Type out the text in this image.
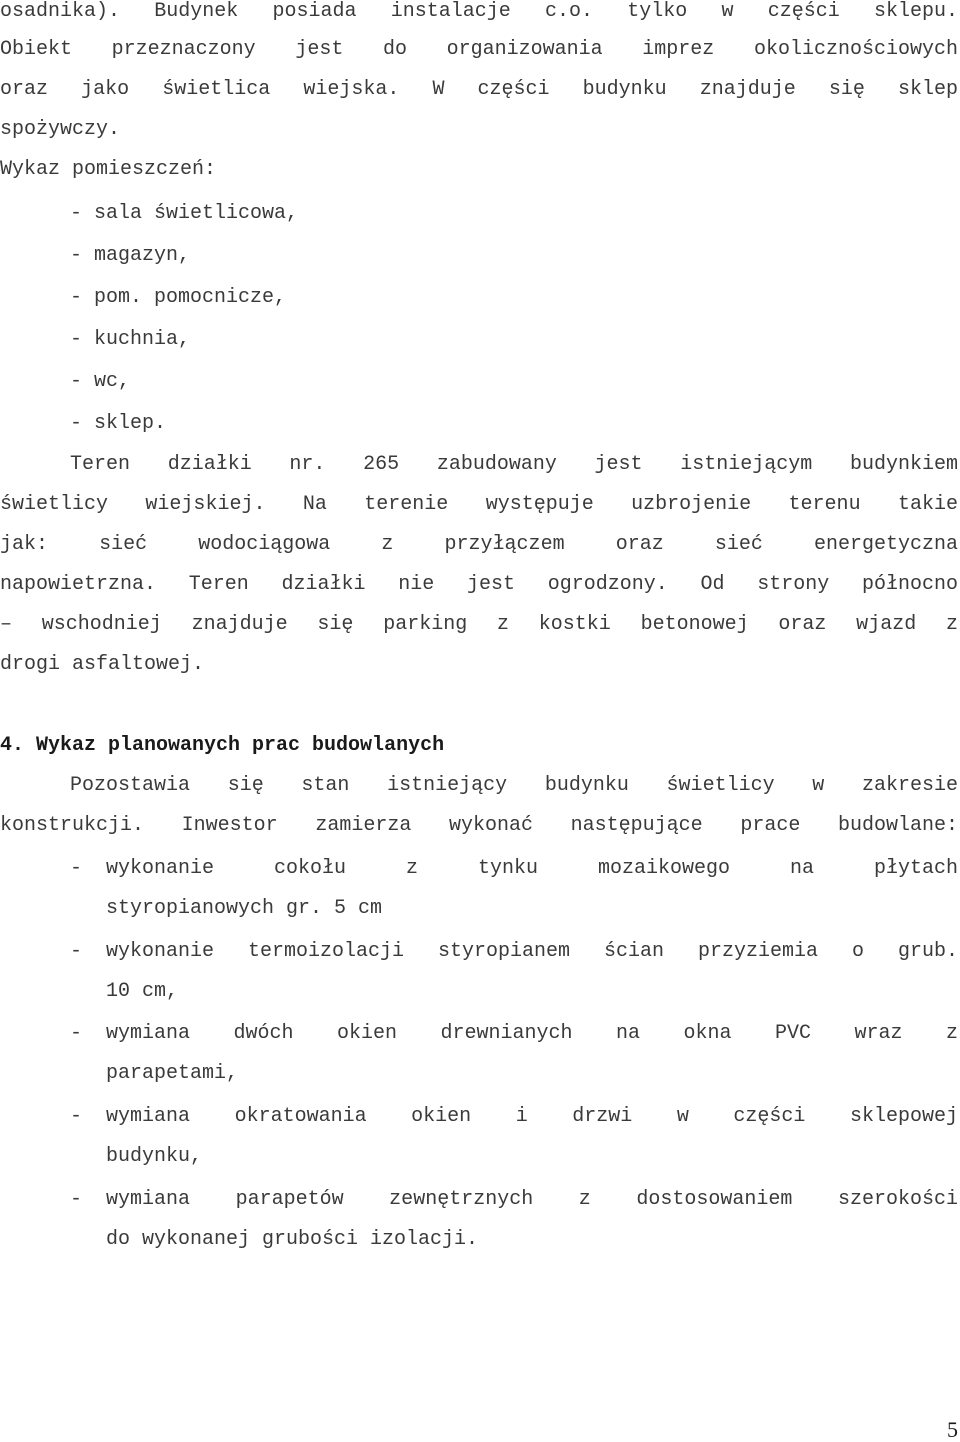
osadnika). Budynek posiada instalacje c.o. tylko w części sklepu.
Obiekt przeznaczony jest do organizowania imprez okolicznościowych
oraz jako świetlica wiejska. W części budynku znajduje się sklep
spożywczy.
Wykaz pomieszczeń:
- sala świetlicowa,
- magazyn,
- pom. pomocnicze,
- kuchnia,
- wc,
- sklep.
Teren działki nr. 265 zabudowany jest istniejącym budynkiem
świetlicy wiejskiej. Na terenie występuje uzbrojenie terenu takie
jak: sieć wodociągowa z przyłączem oraz sieć energetyczna
napowietrzna. Teren działki nie jest ogrodzony. Od strony północno
– wschodniej znajduje się parking z kostki betonowej oraz wjazd z
drogi asfaltowej.
4. Wykaz planowanych prac budowlanych
Pozostawia się stan istniejący budynku świetlicy w zakresie
konstrukcji. Inwestor zamierza wykonać następujące prace budowlane:
- wykonanie cokołu z tynku mozaikowego na płytach
styropianowych gr. 5 cm
- wykonanie termoizolacji styropianem ścian przyziemia o grub.
10 cm,
- wymiana dwóch okien drewnianych na okna PVC wraz z
parapetami,
- wymiana okratowania okien i drzwi w części sklepowej
budynku,
- wymiana parapetów zewnętrznych z dostosowaniem szerokości
do wykonanej grubości izolacji.
5
